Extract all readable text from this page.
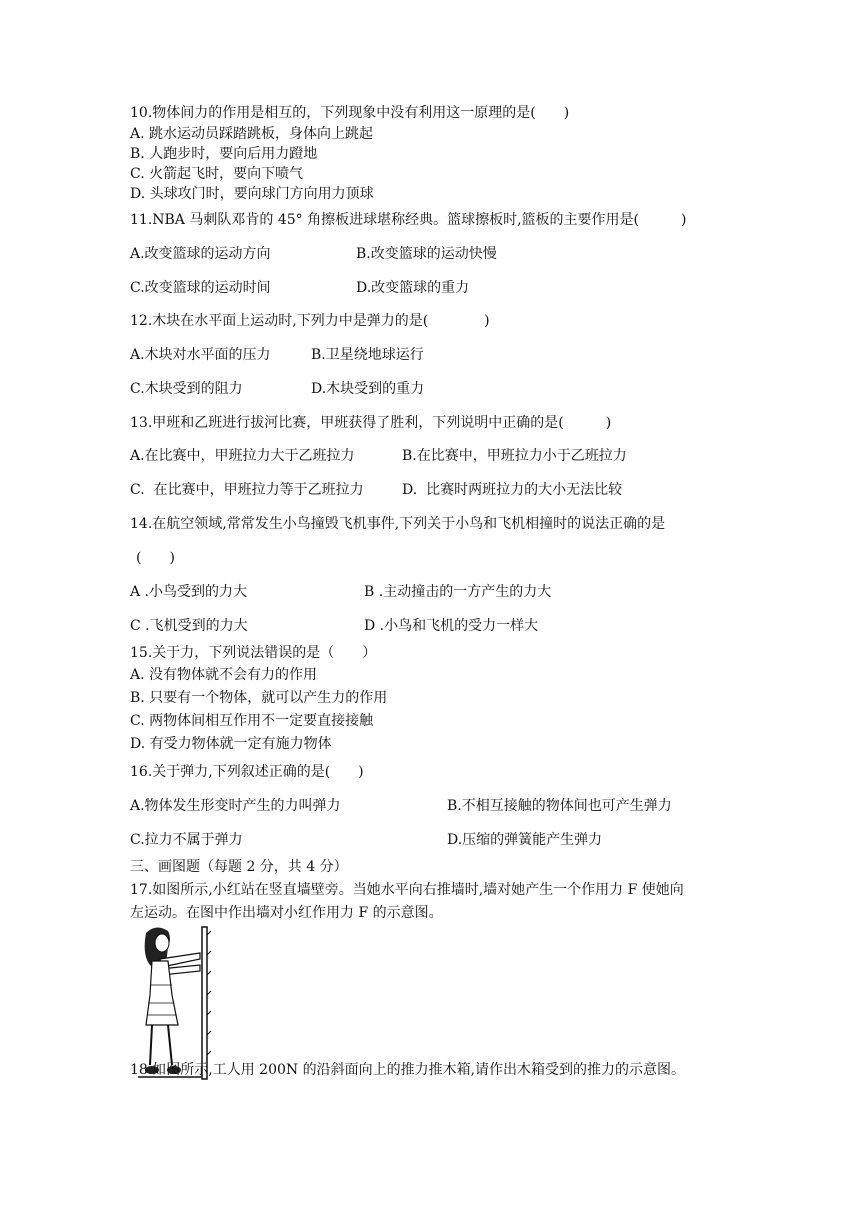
10.物体间力的作用是相互的，下列现象中没有利用这一原理的是(　　)
A. 跳水运动员踩踏跳板，身体向上跳起
B. 人跑步时，要向后用力蹬地
C. 火箭起飞时，要向下喷气
D. 头球攻门时，要向球门方向用力顶球
11.NBA 马刺队邓肯的 45° 角擦板进球堪称经典。篮球擦板时,篮板的主要作用是(　　　)
A.改变篮球的运动方向	B.改变篮球的运动快慢
C.改变篮球的运动时间	D.改变篮球的重力
12.木块在水平面上运动时,下列力中是弹力的是(　　　　)
A.木块对水平面的压力	B.卫星绕地球运行
C.木块受到的阻力	D.木块受到的重力
13.甲班和乙班进行拔河比赛，甲班获得了胜利，下列说明中正确的是(　　　)
A.在比赛中，甲班拉力大于乙班拉力	B.在比赛中，甲班拉力小于乙班拉力
C.  在比赛中，甲班拉力等于乙班拉力	D.  比赛时两班拉力的大小无法比较
14.在航空领域,常常发生小鸟撞毁飞机事件,下列关于小鸟和飞机相撞时的说法正确的是
(　　)
A .小鸟受到的力大	B .主动撞击的一方产生的力大
C .飞机受到的力大	D .小鸟和飞机的受力一样大
15.关于力，下列说法错误的是（　　）
A. 没有物体就不会有力的作用
B. 只要有一个物体，就可以产生力的作用
C. 两物体间相互作用不一定要直接接触
D. 有受力物体就一定有施力物体
16.关于弹力,下列叙述正确的是(　　)
A.物体发生形变时产生的力叫弹力	B.不相互接触的物体间也可产生弹力
C.拉力不属于弹力	D.压缩的弹簧能产生弹力
三、画图题（每题 2 分，共 4 分）
17.如图所示,小红站在竖直墙壁旁。当她水平向右推墙时,墙对她产生一个作用力 F 使她向
左运动。在图中作出墙对小红作用力 F 的示意图。
18.如图所示,工人用 200N 的沿斜面向上的推力推木箱,请作出木箱受到的推力的示意图。
